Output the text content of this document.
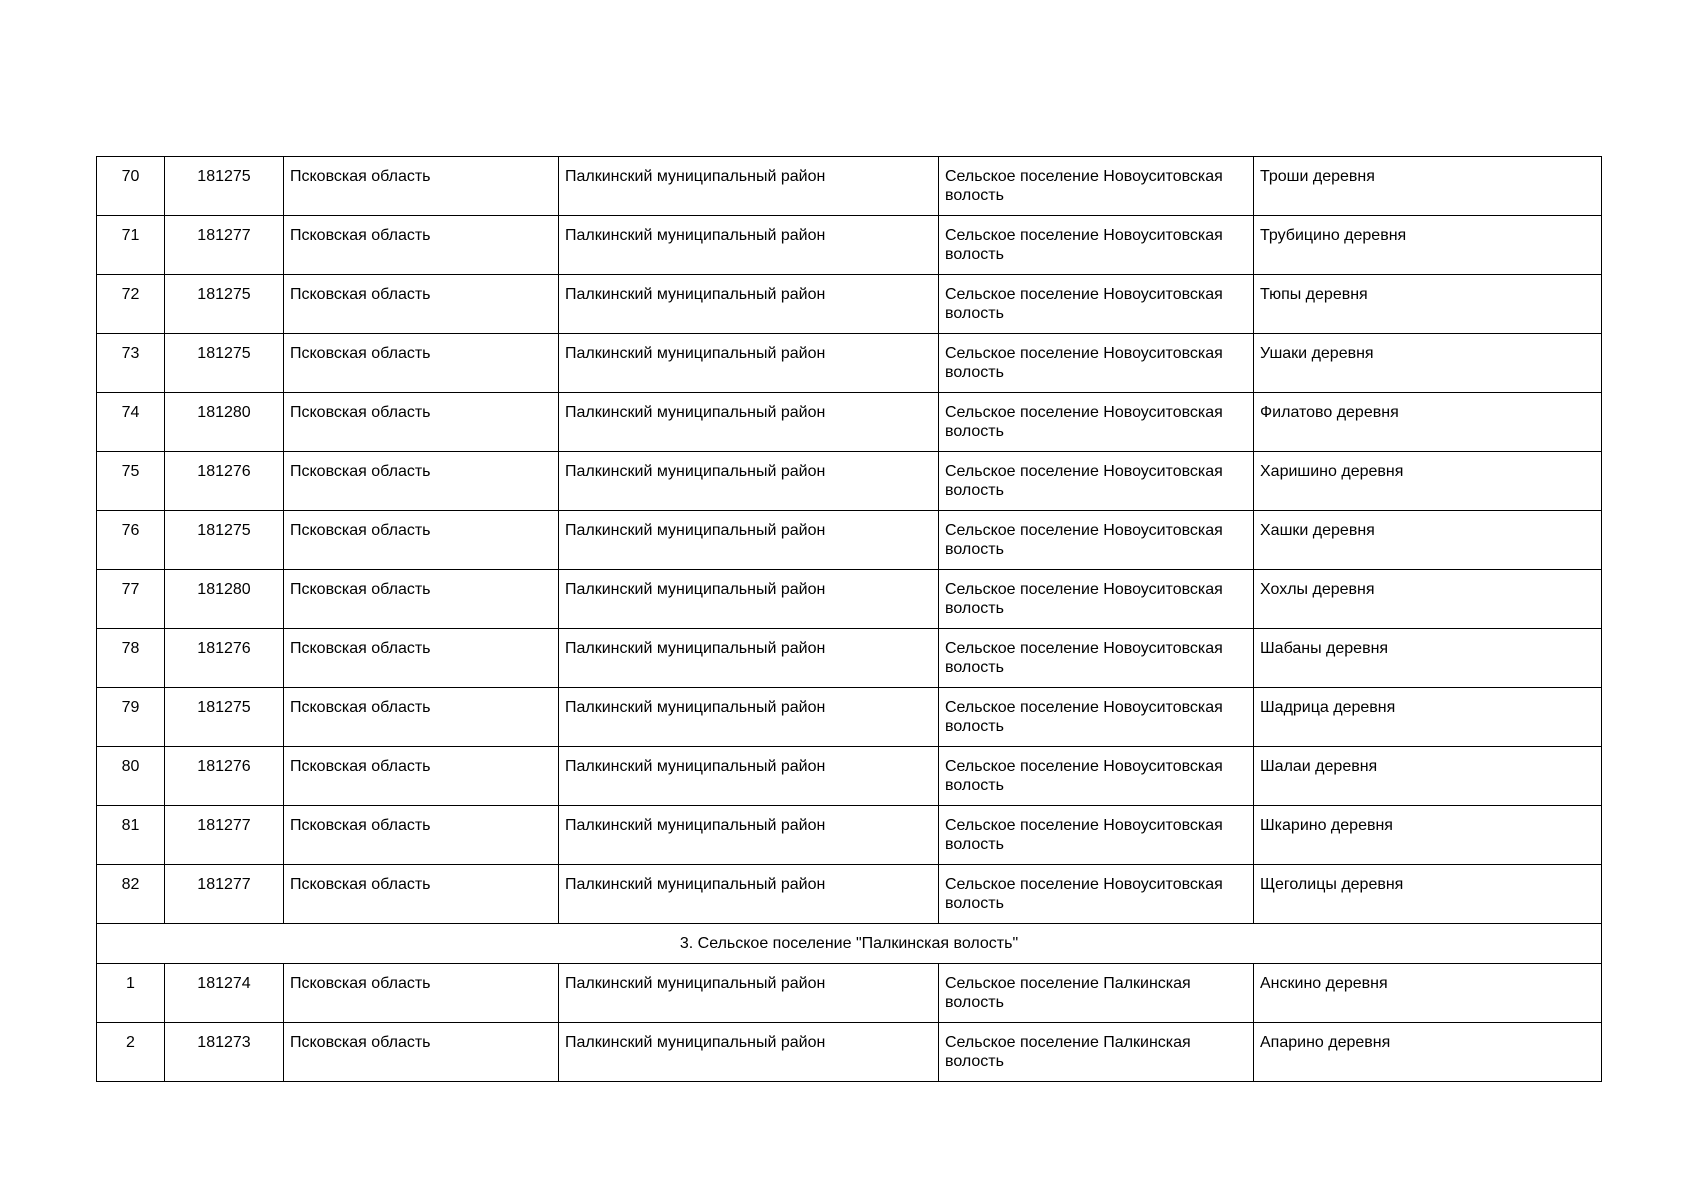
70	181275	Псковская область	Палкинский муниципальный район	Сельское поселение Новоуситовская волость	Троши деревня
71	181277	Псковская область	Палкинский муниципальный район	Сельское поселение Новоуситовская волость	Трубицино деревня
72	181275	Псковская область	Палкинский муниципальный район	Сельское поселение Новоуситовская волость	Тюпы деревня
73	181275	Псковская область	Палкинский муниципальный район	Сельское поселение Новоуситовская волость	Ушаки деревня
74	181280	Псковская область	Палкинский муниципальный район	Сельское поселение Новоуситовская волость	Филатово деревня
75	181276	Псковская область	Палкинский муниципальный район	Сельское поселение Новоуситовская волость	Харишино деревня
76	181275	Псковская область	Палкинский муниципальный район	Сельское поселение Новоуситовская волость	Хашки деревня
77	181280	Псковская область	Палкинский муниципальный район	Сельское поселение Новоуситовская волость	Хохлы деревня
78	181276	Псковская область	Палкинский муниципальный район	Сельское поселение Новоуситовская волость	Шабаны деревня
79	181275	Псковская область	Палкинский муниципальный район	Сельское поселение Новоуситовская волость	Шадрица деревня
80	181276	Псковская область	Палкинский муниципальный район	Сельское поселение Новоуситовская волость	Шалаи деревня
81	181277	Псковская область	Палкинский муниципальный район	Сельское поселение Новоуситовская волость	Шкарино деревня
82	181277	Псковская область	Палкинский муниципальный район	Сельское поселение Новоуситовская волость	Щеголицы деревня
3. Сельское поселение "Палкинская волость"					
1	181274	Псковская область	Палкинский муниципальный район	Сельское поселение Палкинская волость	Анскино деревня
2	181273	Псковская область	Палкинский муниципальный район	Сельское поселение Палкинская волость	Апарино деревня
